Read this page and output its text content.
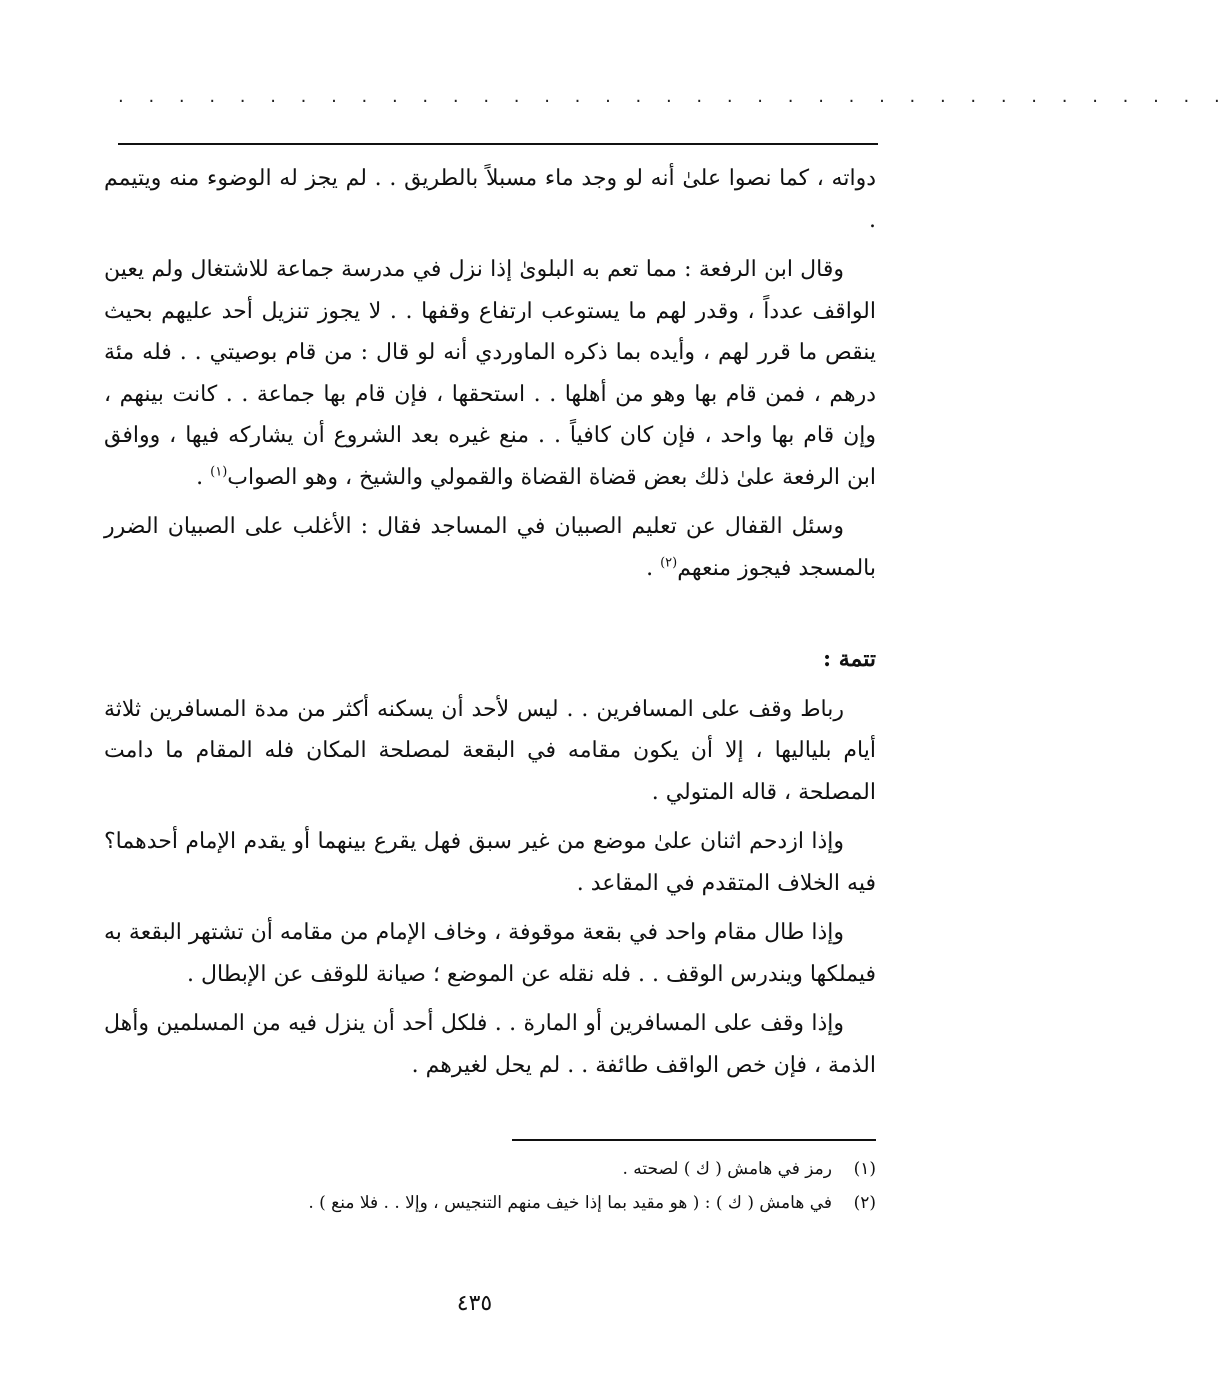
. . . . . . . . . . . . . . . . . . . . . . . . . . . . . . . . . . . . .

دواته ، كما نصوا علىٰ أنه لو وجد ماء مسبلاً بالطريق . . لم يجز له الوضوء منه ويتيمم .

وقال ابن الرفعة : مما تعم به البلوىٰ إذا نزل في مدرسة جماعة للاشتغال ولم يعين الواقف عدداً ، وقدر لهم ما يستوعب ارتفاع وقفها . . لا يجوز تنزيل أحد عليهم بحيث ينقص ما قرر لهم ، وأيده بما ذكره الماوردي أنه لو قال : من قام بوصيتي . . فله مئة درهم ، فمن قام بها وهو من أهلها . . استحقها ، فإن قام بها جماعة . . كانت بينهم ، وإن قام بها واحد ، فإن كان كافياً . . منع غيره بعد الشروع أن يشاركه فيها ، ووافق ابن الرفعة علىٰ ذلك بعض قضاة القضاة والقمولي والشيخ ، وهو الصواب$^{(١)}$ .

وسئل القفال عن تعليم الصبيان في المساجد فقال : الأغلب على الصبيان الضرر بالمسجد فيجوز منعهم$^{(٢)}$ .

تتمة :

رباط وقف على المسافرين . . ليس لأحد أن يسكنه أكثر من مدة المسافرين ثلاثة أيام بلياليها ، إلا أن يكون مقامه في البقعة لمصلحة المكان فله المقام ما دامت المصلحة ، قاله المتولي .

وإذا ازدحم اثنان علىٰ موضع من غير سبق فهل يقرع بينهما أو يقدم الإمام أحدهما؟ فيه الخلاف المتقدم في المقاعد .

وإذا طال مقام واحد في بقعة موقوفة ، وخاف الإمام من مقامه أن تشتهر البقعة به فيملكها ويندرس الوقف . . فله نقله عن الموضع ؛ صيانة للوقف عن الإبطال .

وإذا وقف على المسافرين أو المارة . . فلكل أحد أن ينزل فيه من المسلمين وأهل الذمة ، فإن خص الواقف طائفة . . لم يحل لغيرهم .

(١)
رمز في هامش ( ك ) لصحته .
(٢)
في هامش ( ك ) : ( هو مقيد بما إذا خيف منهم التنجيس ، وإلا . . فلا منع ) .
٤٣٥
